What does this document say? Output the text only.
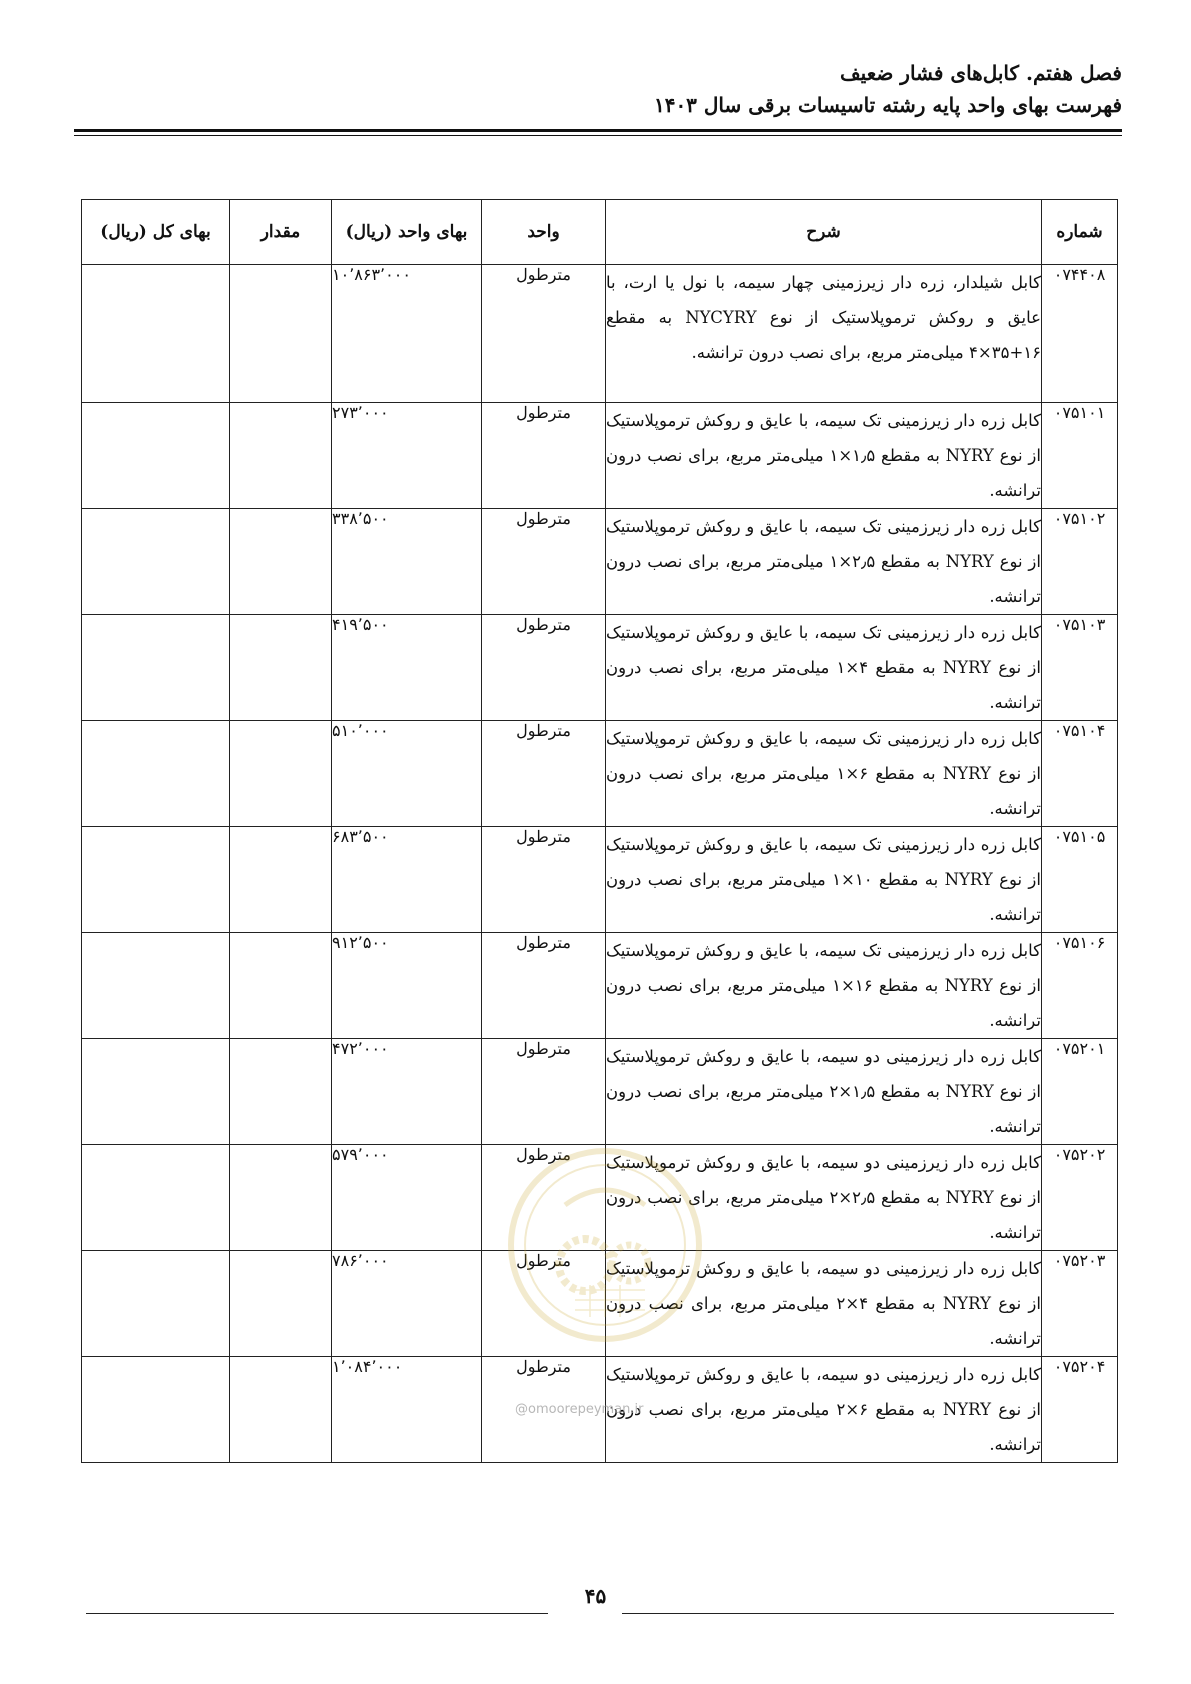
فصل هفتم. کابل‌های فشار ضعیف
فهرست بهای واحد پایه رشته تاسیسات برقی سال ۱۴۰۳
شماره	شرح	واحد	بهای واحد (ریال)	مقدار	بهای کل (ریال)
۰۷۴۴۰۸	کابل شیلدار، زره دار زیرزمینی چهار سیمه، با نول یا ارت، با عایق و روکش ترموپلاستیک از نوع NYCYRY به مقطع ۱۶+۳۵×۴ میلی‌متر مربع، برای نصب درون ترانشه.	مترطول	۱۰٬۸۶۳٬۰۰۰		
۰۷۵۱۰۱	کابل زره دار زیرزمینی تک سیمه، با عایق و روکش ترموپلاستیک از نوع NYRY به مقطع ۱٫۵×۱ میلی‌متر مربع، برای نصب درون ترانشه.	مترطول	۲۷۳٬۰۰۰		
۰۷۵۱۰۲	کابل زره دار زیرزمینی تک سیمه، با عایق و روکش ترموپلاستیک از نوع NYRY به مقطع ۲٫۵×۱ میلی‌متر مربع، برای نصب درون ترانشه.	مترطول	۳۳۸٬۵۰۰		
۰۷۵۱۰۳	کابل زره دار زیرزمینی تک سیمه، با عایق و روکش ترموپلاستیک از نوع NYRY به مقطع ۴×۱ میلی‌متر مربع، برای نصب درون ترانشه.	مترطول	۴۱۹٬۵۰۰		
۰۷۵۱۰۴	کابل زره دار زیرزمینی تک سیمه، با عایق و روکش ترموپلاستیک از نوع NYRY به مقطع ۶×۱ میلی‌متر مربع، برای نصب درون ترانشه.	مترطول	۵۱۰٬۰۰۰		
۰۷۵۱۰۵	کابل زره دار زیرزمینی تک سیمه، با عایق و روکش ترموپلاستیک از نوع NYRY به مقطع ۱۰×۱ میلی‌متر مربع، برای نصب درون ترانشه.	مترطول	۶۸۳٬۵۰۰		
۰۷۵۱۰۶	کابل زره دار زیرزمینی تک سیمه، با عایق و روکش ترموپلاستیک از نوع NYRY به مقطع ۱۶×۱ میلی‌متر مربع، برای نصب درون ترانشه.	مترطول	۹۱۲٬۵۰۰		
۰۷۵۲۰۱	کابل زره دار زیرزمینی دو سیمه، با عایق و روکش ترموپلاستیک از نوع NYRY به مقطع ۱٫۵×۲ میلی‌متر مربع، برای نصب درون ترانشه.	مترطول	۴۷۲٬۰۰۰		
۰۷۵۲۰۲	کابل زره دار زیرزمینی دو سیمه، با عایق و روکش ترموپلاستیک از نوع NYRY به مقطع ۲٫۵×۲ میلی‌متر مربع، برای نصب درون ترانشه.	مترطول	۵۷۹٬۰۰۰		
۰۷۵۲۰۳	کابل زره دار زیرزمینی دو سیمه، با عایق و روکش ترموپلاستیک از نوع NYRY به مقطع ۴×۲ میلی‌متر مربع، برای نصب درون ترانشه.	مترطول	۷۸۶٬۰۰۰		
۰۷۵۲۰۴	کابل زره دار زیرزمینی دو سیمه، با عایق و روکش ترموپلاستیک از نوع NYRY به مقطع ۶×۲ میلی‌متر مربع، برای نصب درون ترانشه.	مترطول	۱٬۰۸۴٬۰۰۰		
@omoorepeyman.ir
۴۵
